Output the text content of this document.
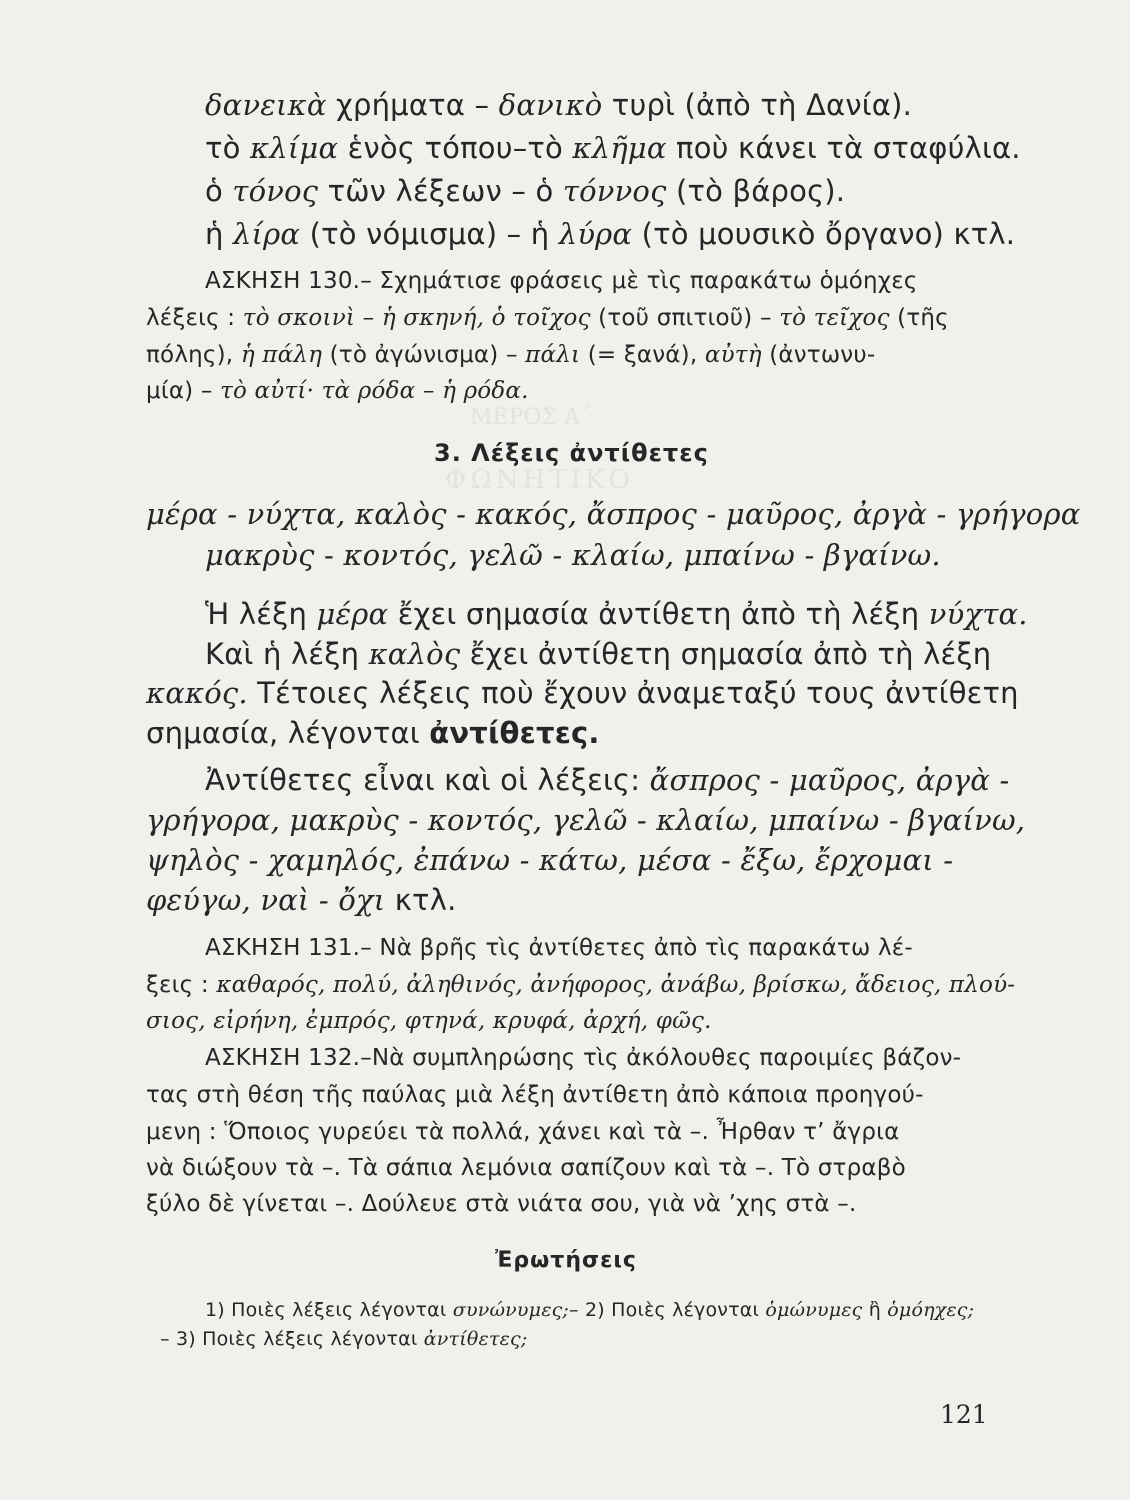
ΜΕΡΟΣ Α΄
ΦΩΝΗΤΙΚΟ
δανεικὰ χρήματα – δανικὸ τυρὶ (ἀπὸ τὴ Δανία).
τὸ κλίμα ἑνὸς τόπου–τὸ κλῆμα ποὺ κάνει τὰ σταφύλια.
ὁ τόνος τῶν λέξεων – ὁ τόννος (τὸ βάρος).
ἡ λίρα (τὸ νόμισμα) – ἡ λύρα (τὸ μουσικὸ ὄργανο) κτλ.
ΑΣΚΗΣΗ 130.– Σχημάτισε φράσεις μὲ τὶς παρακάτω ὁμόηχες
λέξεις : τὸ σκοινὶ – ἡ σκηνή, ὁ τοῖχος (τοῦ σπιτιοῦ) – τὸ τεῖχος (τῆς
πόλης), ἡ πάλη (τὸ ἀγώνισμα) – πάλι (= ξανά), αὐτὴ (ἀντωνυ-
μία) – τὸ αὐτί· τὰ ρόδα – ἡ ρόδα.
3. Λέξεις ἀντίθετες
μέρα - νύχτα, καλὸς - κακός, ἄσπρος - μαῦρος, ἀργὰ - γρήγορα
μακρὺς - κοντός, γελῶ - κλαίω, μπαίνω - βγαίνω.
Ἡ λέξη μέρα ἔχει σημασία ἀντίθετη ἀπὸ τὴ λέξη νύχτα.
Καὶ ἡ λέξη καλὸς ἔχει ἀντίθετη σημασία ἀπὸ τὴ λέξη
κακός. Τέτοιες λέξεις ποὺ ἔχουν ἀναμεταξύ τους ἀντίθετη
σημασία, λέγονται ἀντίθετες.
Ἀντίθετες εἶναι καὶ οἱ λέξεις: ἄσπρος - μαῦρος, ἀργὰ -
γρήγορα, μακρὺς - κοντός, γελῶ - κλαίω, μπαίνω - βγαίνω,
ψηλὸς - χαμηλός, ἐπάνω - κάτω, μέσα - ἔξω, ἔρχομαι -
φεύγω, ναὶ - ὄχι κτλ.
ΑΣΚΗΣΗ 131.– Νὰ βρῆς τὶς ἀντίθετες ἀπὸ τὶς παρακάτω λέ-
ξεις : καθαρός, πολύ, ἀληθινός, ἀνήφορος, ἀνάβω, βρίσκω, ἄδειος, πλού-
σιος, εἰρήνη, ἐμπρός, φτηνά, κρυφά, ἀρχή, φῶς.
ΑΣΚΗΣΗ 132.–Νὰ συμπληρώσης τὶς ἀκόλουθες παροιμίες βάζον-
τας στὴ θέση τῆς παύλας μιὰ λέξη ἀντίθετη ἀπὸ κάποια προηγού-
μενη : Ὅποιος γυρεύει τὰ πολλά, χάνει καὶ τὰ –. Ἦρθαν τ’ ἄγρια
νὰ διώξουν τὰ –. Τὰ σάπια λεμόνια σαπίζουν καὶ τὰ –. Τὸ στραβὸ
ξύλο δὲ γίνεται –. Δούλευε στὰ νιάτα σου, γιὰ νὰ ’χης στὰ –.
Ἐρωτήσεις
1) Ποιὲς λέξεις λέγονται συνώνυμες;– 2) Ποιὲς λέγονται ὁμώνυμες ἢ ὁμόηχες;
– 3) Ποιὲς λέξεις λέγονται ἀντίθετες;
121
